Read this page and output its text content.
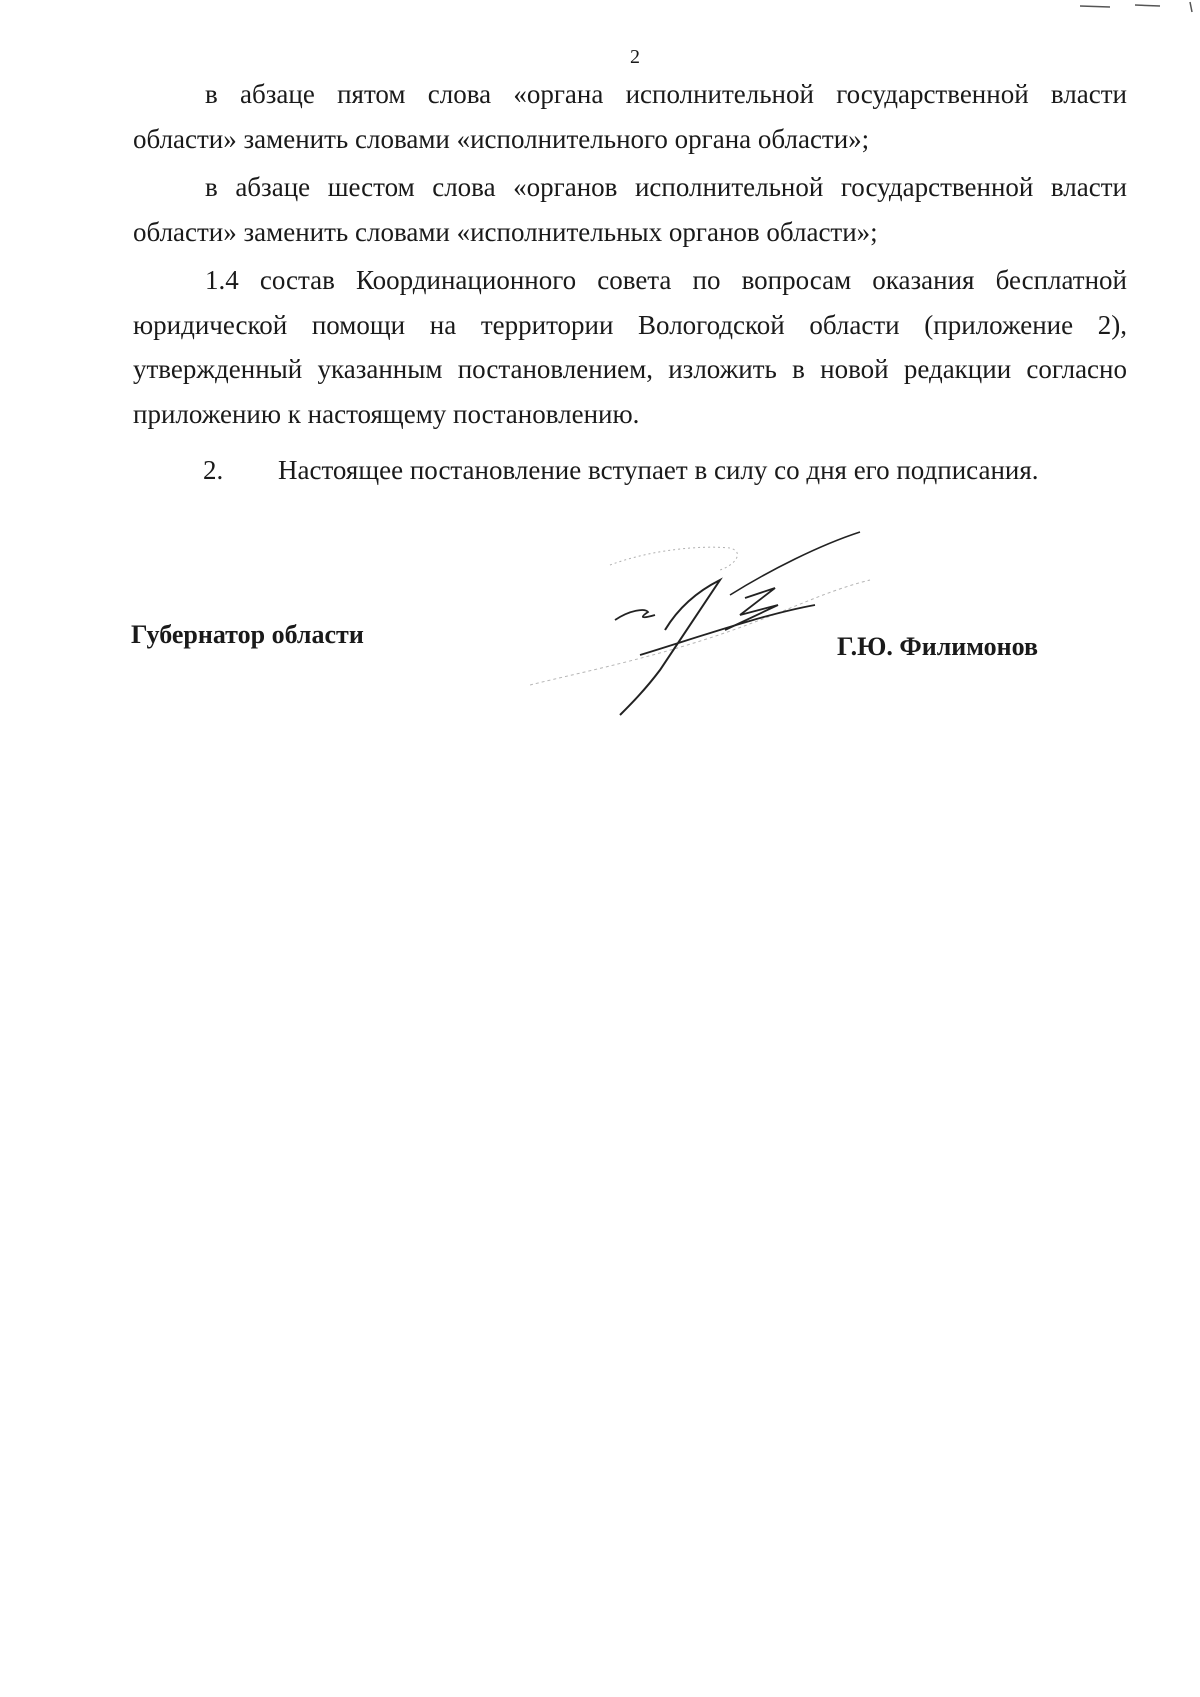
2

в абзаце пятом слова «органа исполнительной государственной власти области» заменить словами «исполнительного органа области»;

в абзаце шестом слова «органов исполнительной государственной власти области» заменить словами «исполнительных органов области»;

1.4 состав Координационного совета по вопросам оказания бесплатной юридической помощи на территории Вологодской области (приложение 2), утвержденный указанным постановлением, изложить в новой редакции согласно приложению к настоящему постановлению.

2. Настоящее постановление вступает в силу со дня его подписания.
Губернатор области	Г.Ю. Филимонов
